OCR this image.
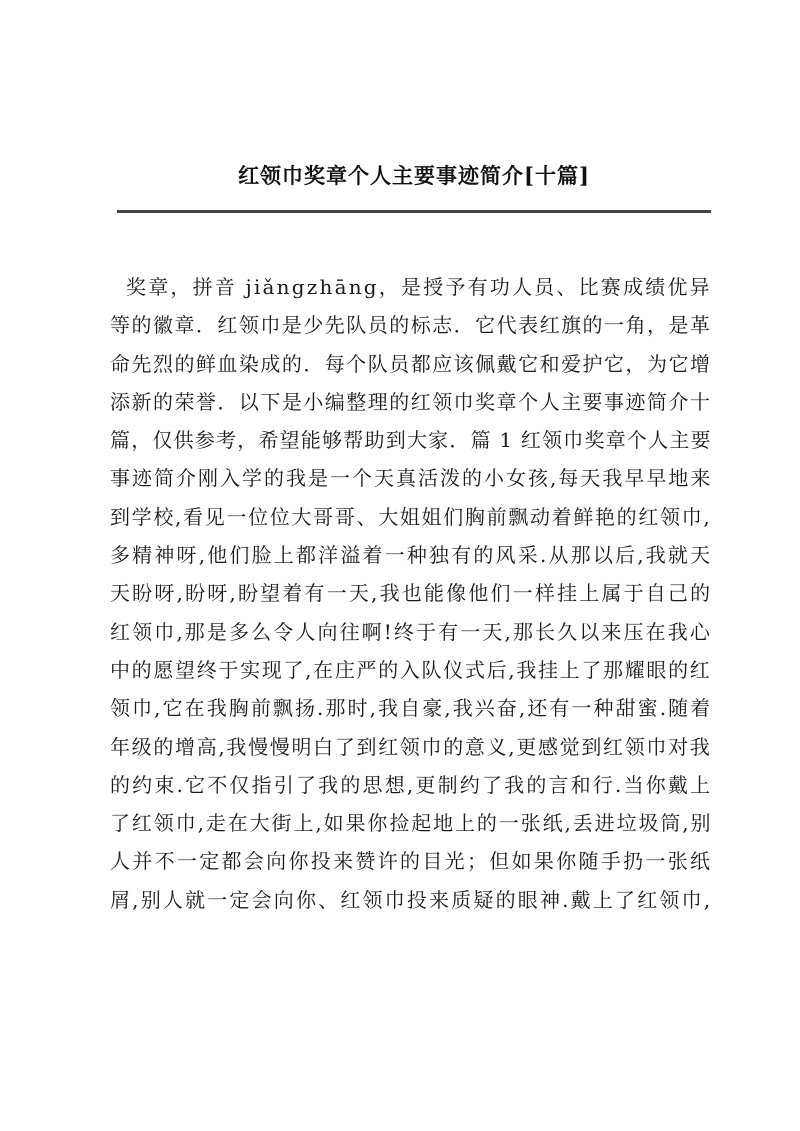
红领巾奖章个人主要事迹简介[十篇]
奖章，拼音 jiǎngzhāng，是授予有功人员、比赛成绩优异
等的徽章．红领巾是少先队员的标志．它代表红旗的一角，是革
命先烈的鲜血染成的．每个队员都应该佩戴它和爱护它，为它增
添新的荣誉．以下是小编整理的红领巾奖章个人主要事迹简介十
篇，仅供参考，希望能够帮助到大家．篇 1 红领巾奖章个人主要
事迹简介刚入学的我是一个天真活泼的小女孩,每天我早早地来
到学校,看见一位位大哥哥、大姐姐们胸前飘动着鲜艳的红领巾,
多精神呀,他们脸上都洋溢着一种独有的风采.从那以后,我就天
天盼呀,盼呀,盼望着有一天,我也能像他们一样挂上属于自己的
红领巾,那是多么令人向往啊!终于有一天,那长久以来压在我心
中的愿望终于实现了,在庄严的入队仪式后,我挂上了那耀眼的红
领巾,它在我胸前飘扬.那时,我自豪,我兴奋,还有一种甜蜜.随着
年级的增高,我慢慢明白了到红领巾的意义,更感觉到红领巾对我
的约束.它不仅指引了我的思想,更制约了我的言和行.当你戴上
了红领巾,走在大街上,如果你捡起地上的一张纸,丢进垃圾筒,别
人并不一定都会向你投来赞许的目光；但如果你随手扔一张纸
屑,别人就一定会向你、红领巾投来质疑的眼神.戴上了红领巾,
